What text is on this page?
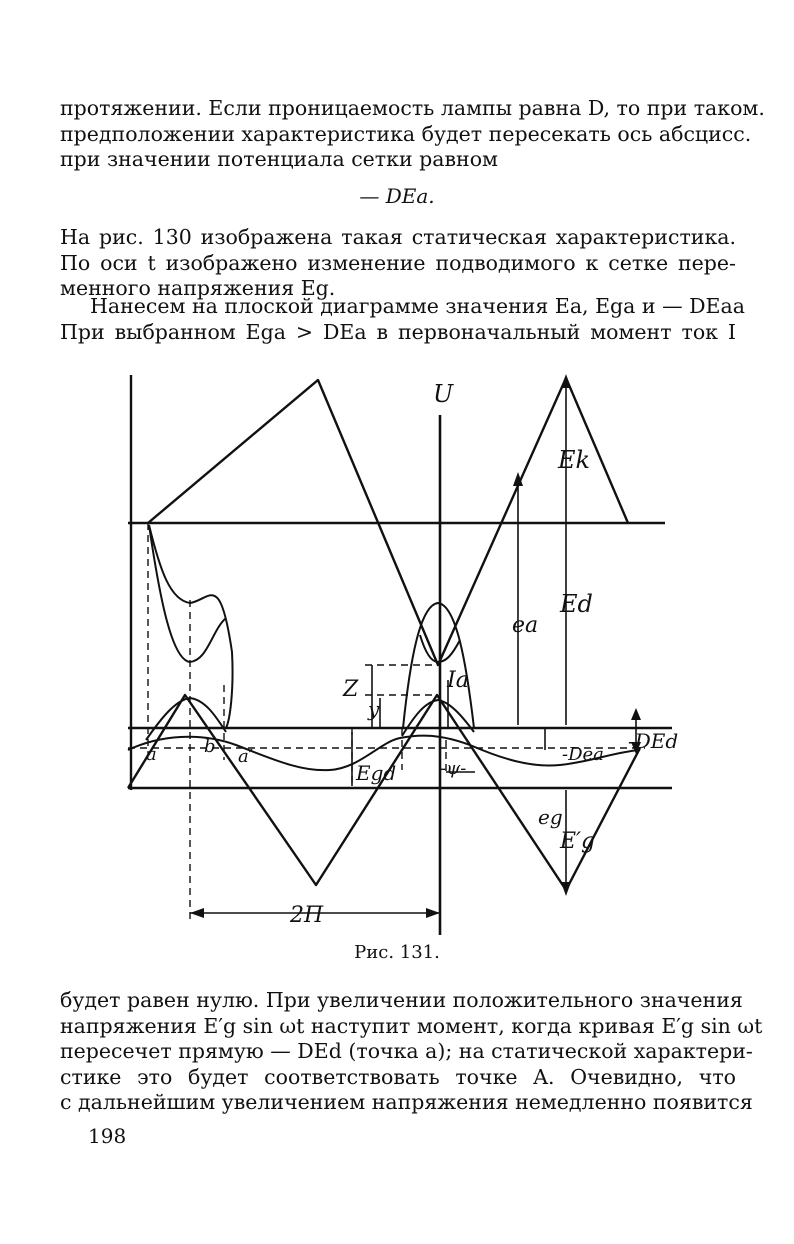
протяжении. Если проницаемость лампы равна D, то при таком.
предположении характеристика будет пересекать ось абсцисс.
при значении потенциала сетки равном
— DEa.
На рис. 130 изображена такая статическая характеристика.
По оси t изображено изменение подводимого к сетке пере-
менного напряжения Eg.
Нанесем на плоской диаграмме значения Ea, Ega и — DEaa
При выбранном Ega > DEa в первоначальный момент ток I
U
Ek
Ed
ea
Ia
Z
y
a	b a′
Egd -ψ-
-Dea
-DEd
eg
E′g
2Π
Рис. 131.
будет равен нулю. При увеличении положительного значения
напряжения E′g sin ωt наступит момент, когда кривая E′g sin ωt
пересечет прямую — DEd (точка a); на статической характери-
стике это будет соответствовать точке A. Очевидно, что
с дальнейшим увеличением напряжения немедленно появится
198
